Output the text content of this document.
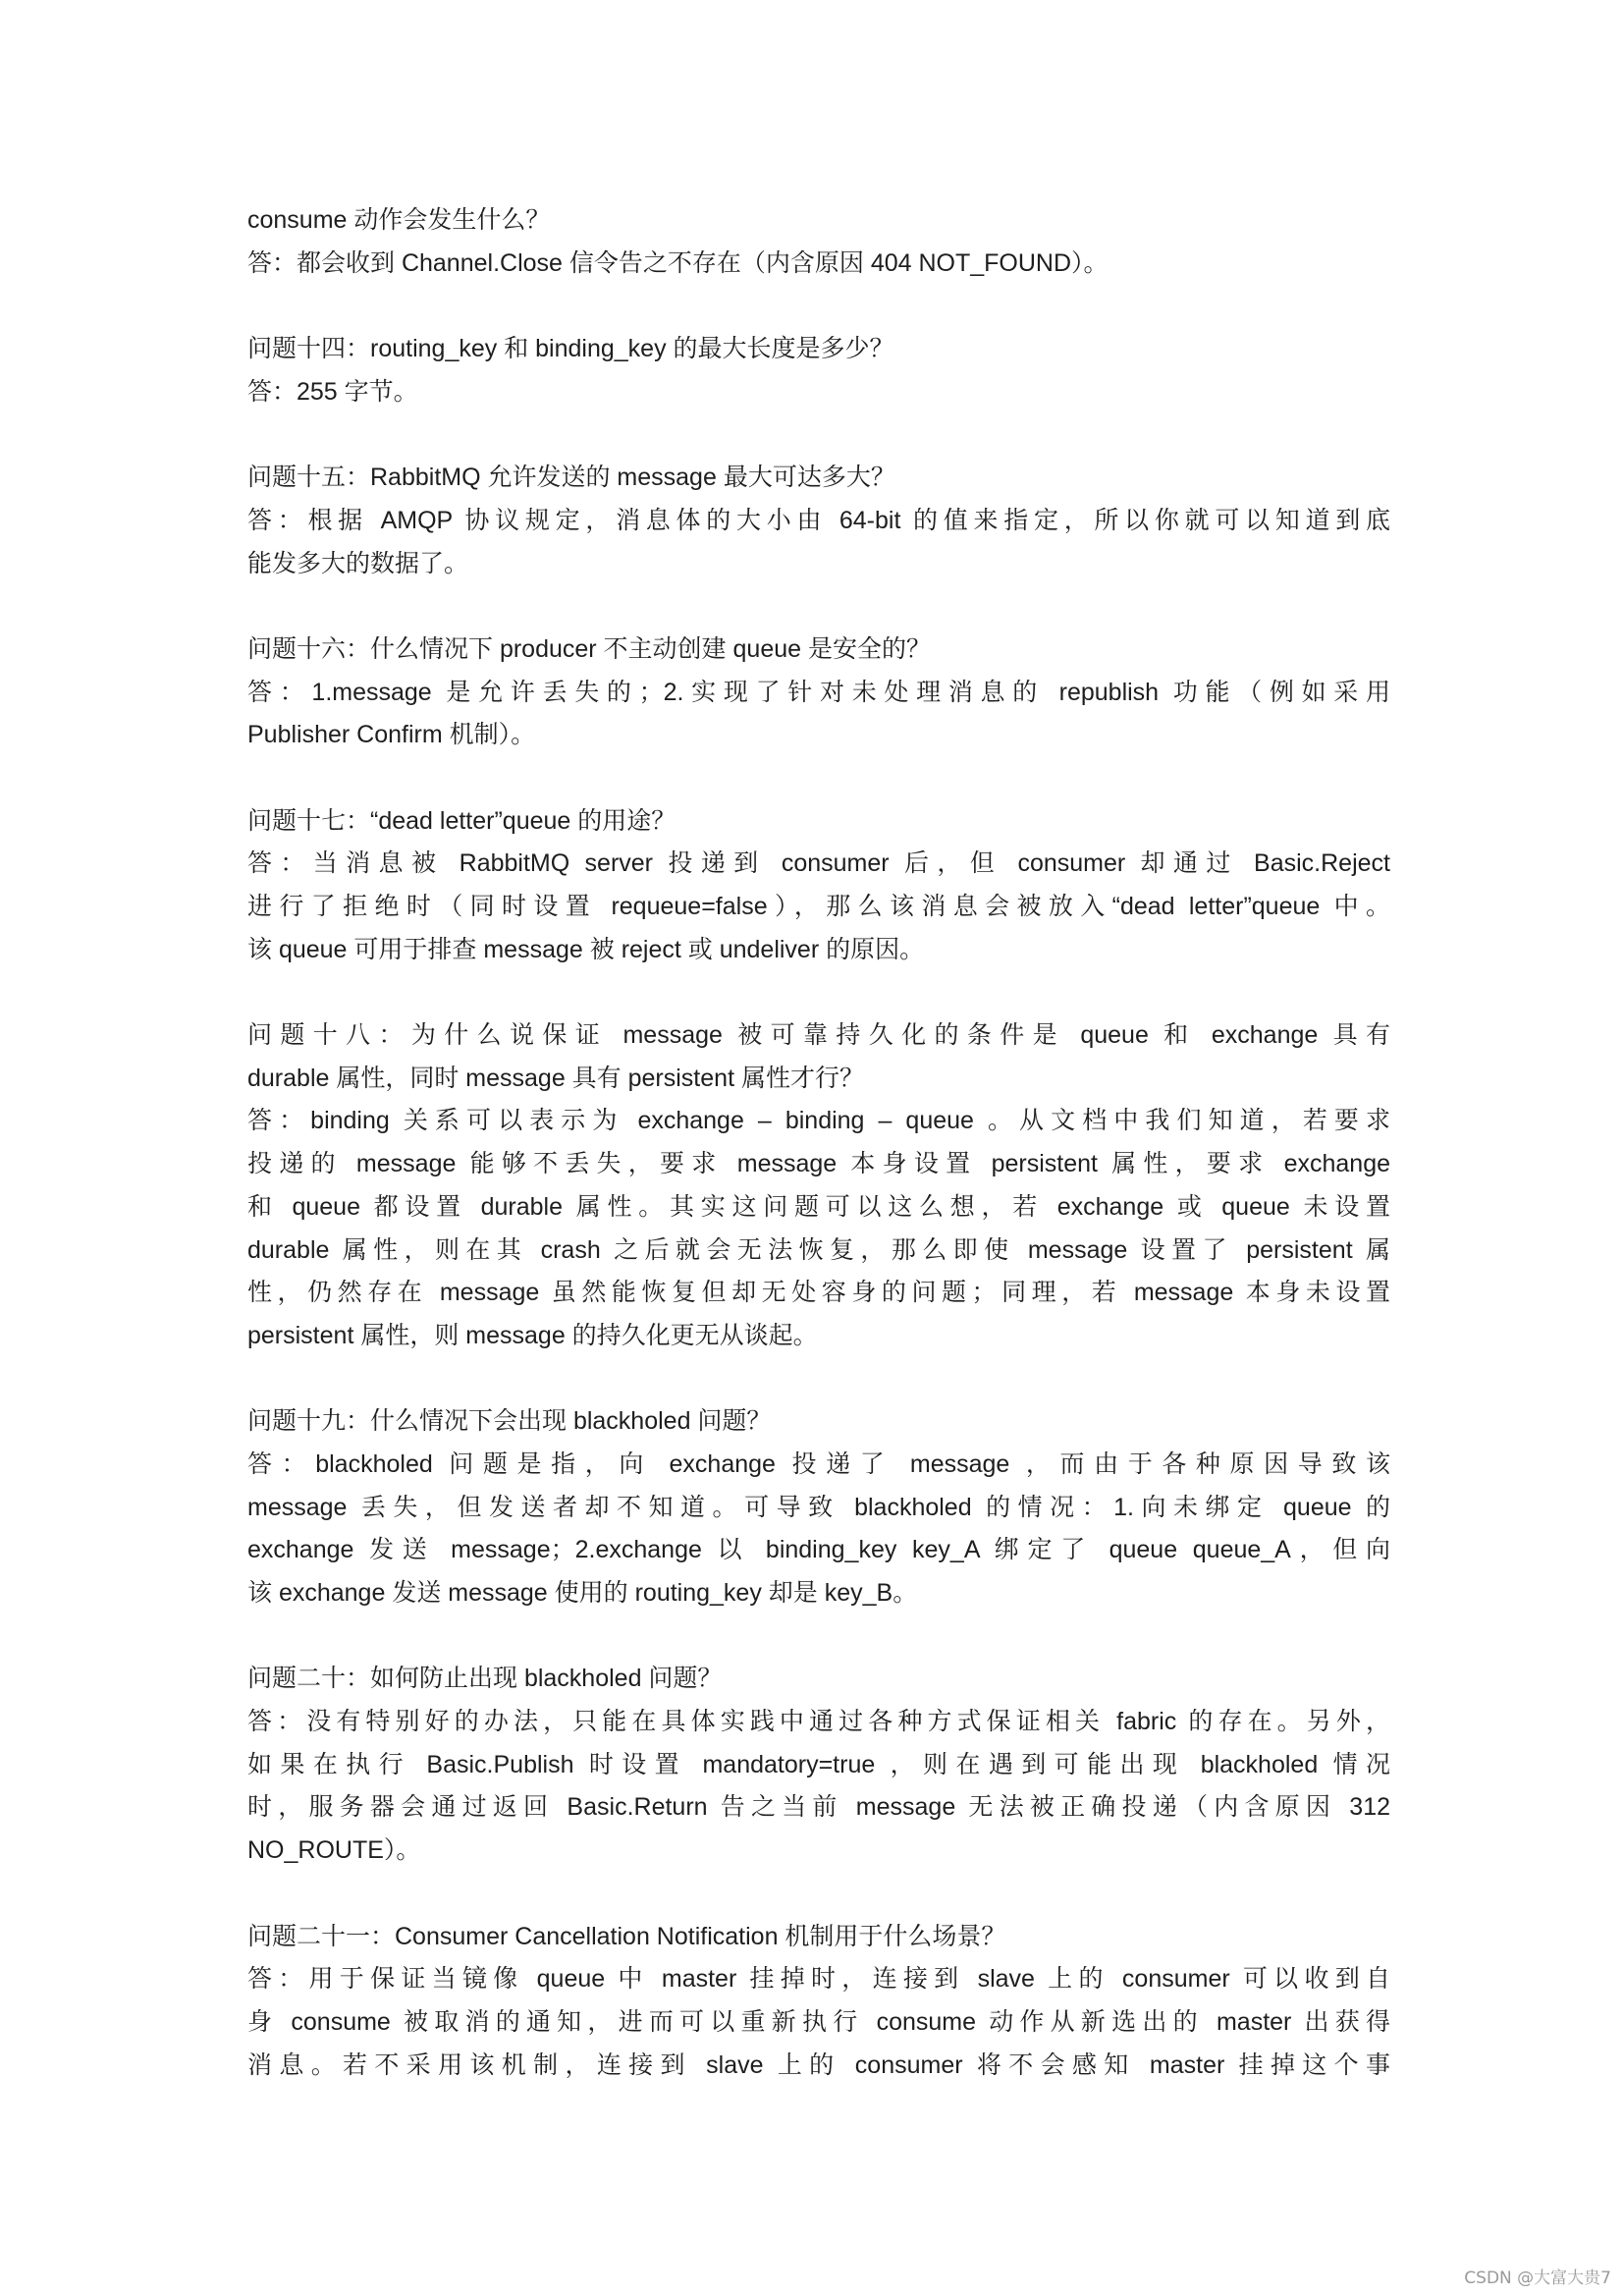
consume 动作会发生什么？
答：都会收到 Channel.Close 信令告之不存在（内含原因 404 NOT_FOUND）。
问题十四：routing_key 和 binding_key 的最大长度是多少？
答：255 字节。
问题十五：RabbitMQ 允许发送的 message 最大可达多大？
答：根据 AMQP 协议规定，消息体的大小由 64-bit 的值来指定，所以你就可以知道到底
能发多大的数据了。
问题十六：什么情况下 producer 不主动创建 queue 是安全的？
答：1.message 是允许丢失的；2.实现了针对未处理消息的 republish 功能（例如采用
Publisher Confirm 机制）。
问题十七：“dead letter”queue 的用途？
答：当消息被 RabbitMQ server 投递到 consumer 后，但 consumer 却通过 Basic.Reject
进行了拒绝时（同时设置 requeue=false），那么该消息会被放入“dead letter”queue 中。
该 queue 可用于排查 message 被 reject 或 undeliver 的原因。
问题十八：为什么说保证 message 被可靠持久化的条件是 queue 和 exchange 具有
durable 属性，同时 message 具有 persistent 属性才行？
答：binding 关系可以表示为 exchange – binding – queue 。从文档中我们知道，若要求
投递的 message 能够不丢失，要求 message 本身设置 persistent 属性，要求 exchange
和 queue 都设置 durable 属性。其实这问题可以这么想，若 exchange 或 queue 未设置
durable 属性，则在其 crash 之后就会无法恢复，那么即使 message 设置了 persistent 属
性，仍然存在 message 虽然能恢复但却无处容身的问题；同理，若 message 本身未设置
persistent 属性，则 message 的持久化更无从谈起。
问题十九：什么情况下会出现 blackholed 问题？
答：blackholed 问题是指，向 exchange 投递了 message ，而由于各种原因导致该
message 丢失，但发送者却不知道。可导致 blackholed 的情况：1.向未绑定 queue 的
exchange 发送 message；2.exchange 以 binding_key key_A 绑定了 queue queue_A，但向
该 exchange 发送 message 使用的 routing_key 却是 key_B。
问题二十：如何防止出现 blackholed 问题？
答：没有特别好的办法，只能在具体实践中通过各种方式保证相关 fabric 的存在。另外，
如果在执行 Basic.Publish 时设置 mandatory=true ，则在遇到可能出现 blackholed 情况
时，服务器会通过返回 Basic.Return 告之当前 message 无法被正确投递（内含原因 312
NO_ROUTE）。
问题二十一：Consumer Cancellation Notification 机制用于什么场景？
答：用于保证当镜像 queue 中 master 挂掉时，连接到 slave 上的 consumer 可以收到自
身 consume 被取消的通知，进而可以重新执行 consume 动作从新选出的 master 出获得
消息。若不采用该机制，连接到 slave 上的 consumer 将不会感知 master 挂掉这个事
CSDN @大富大贵7
